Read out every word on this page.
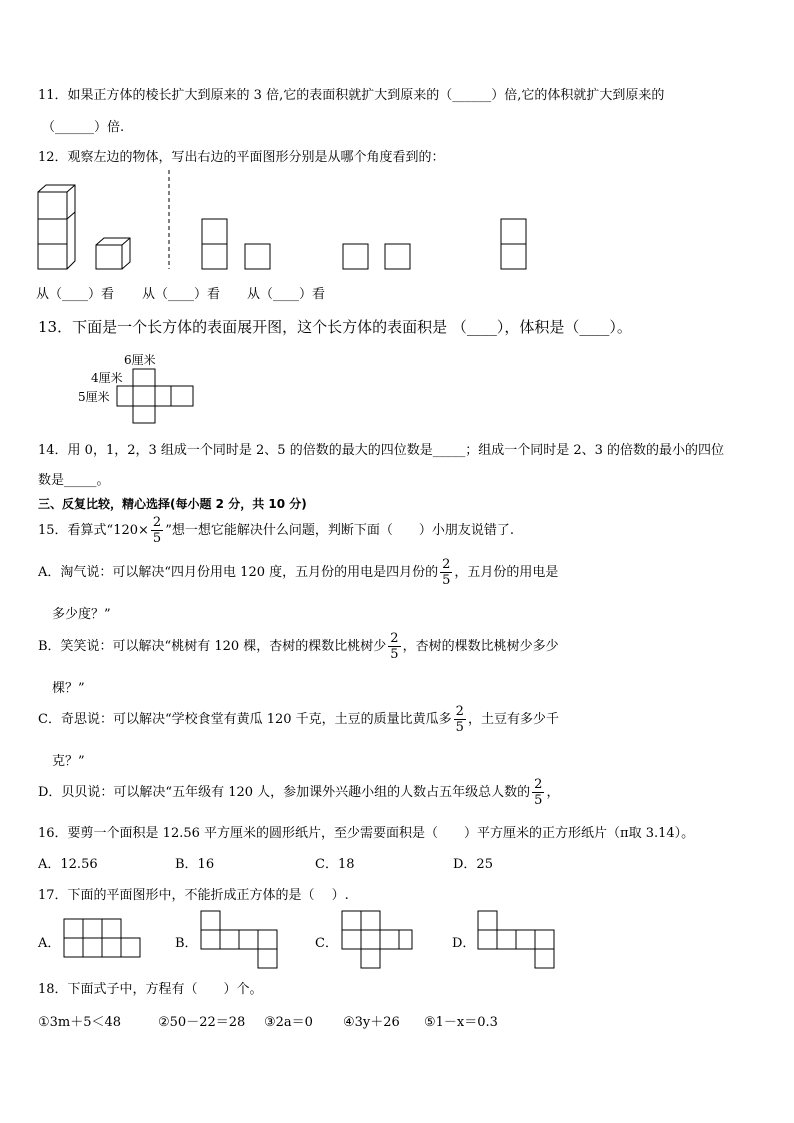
11．如果正方体的棱长扩大到原来的 3 倍,它的表面积就扩大到原来的（______）倍,它的体积就扩大到原来的
（______）倍.
12．观察左边的物体，写出右边的平面图形分别是从哪个角度看到的：
从（____）看 从（____）看 从（____）看
13．下面是一个长方体的表面展开图，这个长方体的表面积是 （____），体积是（____）。
6厘米
4厘米
5厘米
14．用 0，1，2，3 组成一个同时是 2、5 的倍数的最大的四位数是_____；组成一个同时是 2、3 的倍数的最小的四位
数是_____。
三、反复比较，精心选择(每小题 2 分，共 10 分)
15．看算式“$120\times \frac{2}{5}$ ”想一想它能解决什么问题，判断下面（　　）小朋友说错了.
A．淘气说：可以解决“四月份用电 120 度，五月份的用电是四月份的 $\frac{2}{5}$ ，五月份的用电是
多少度？”
B．笑笑说：可以解决“桃树有 120 棵，杏树的棵数比桃树少 $\frac{2}{5}$ ，杏树的棵数比桃树少多少
棵？”
C．奇思说：可以解决“学校食堂有黄瓜 120 千克，土豆的质量比黄瓜多 $\frac{2}{5}$ ，土豆有多少千
克？”
D．贝贝说：可以解决“五年级有 120 人，参加课外兴趣小组的人数占五年级总人数的 $\frac{2}{5}$ ，
16．要剪一个面积是 12.56 平方厘米的圆形纸片，至少需要面积是（　　）平方厘米的正方形纸片（π取 3.14）。
A．12.56	B．16	C．18	D．25
17．下面的平面图形中，不能折成正方体的是（　 ）.
A．	B．	C．	D．
18．下面式子中，方程有（　　）个。
①3m＋5＜48	②50－22＝28 ③2a＝0 ④3y＋26 ⑤1－x＝0.3
